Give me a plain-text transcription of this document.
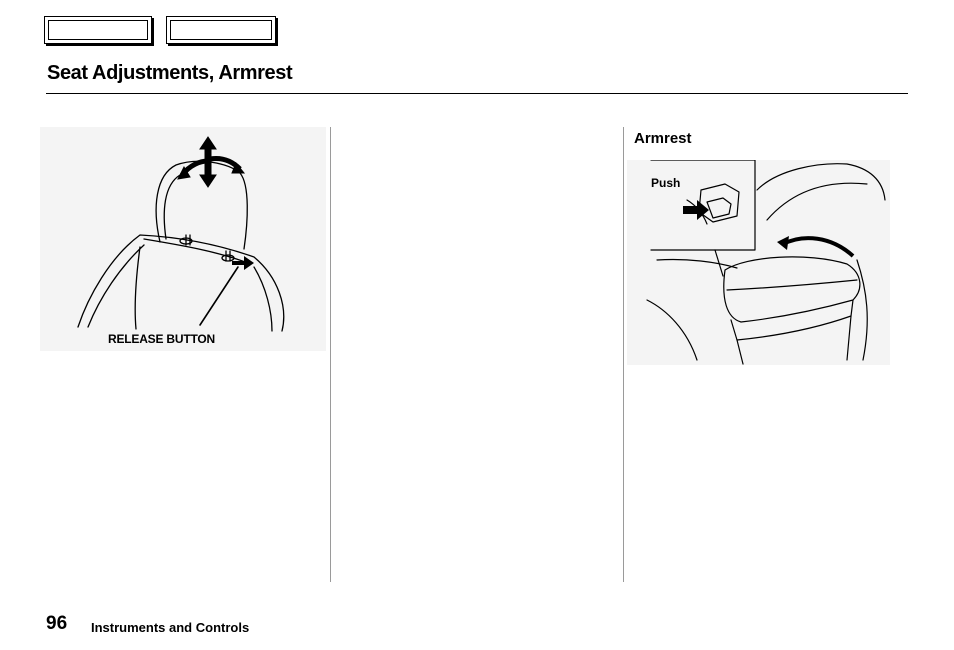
Seat Adjustments, Armrest
RELEASE BUTTON
Armrest
Push
96 Instruments and Controls
